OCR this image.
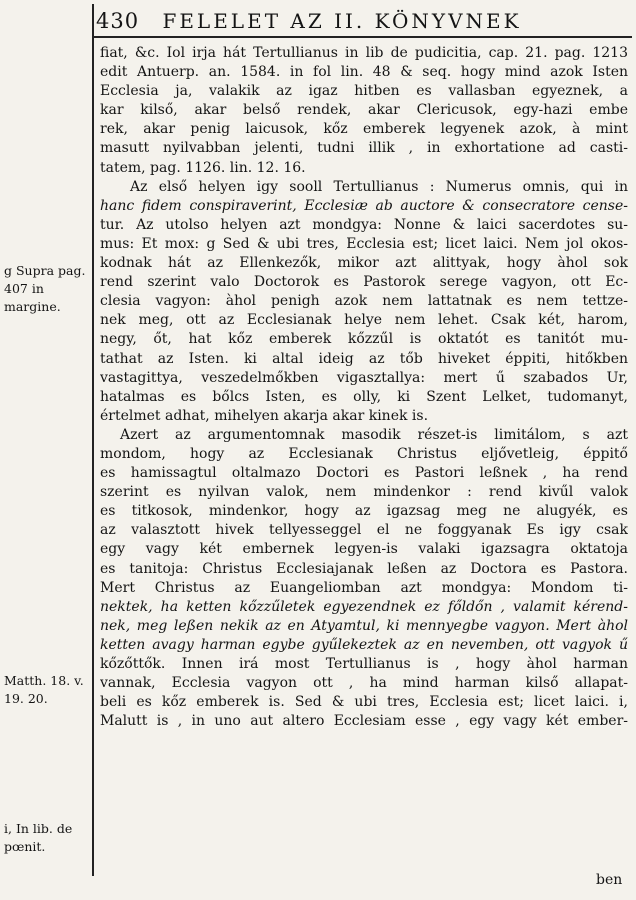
430 FELELET AZ II. KÖNYVNEK
g Supra pag. 407 in margine.
Matth. 18. v. 19. 20.
i, In lib. de pœnit.
fiat, &c. Iol irja hát Tertullianus in lib de pudicitia, cap. 21. pag. 1213
edit Antuerp. an. 1584. in fol lin. 48 & seq. hogy mind azok Isten
Ecclesia ja, valakik az igaz hitben es vallasban egyeznek, a
kar kilső, akar belső rendek, akar Clericusok, egy-hazi embe
rek, akar penig laicusok, kőz emberek legyenek azok, à mint
masutt nyilvabban jelenti, tudni illik , in exhortatione ad casti-
tatem, pag. 1126. lin. 12. 16.
Az első helyen igy sooll Tertullianus : Numerus omnis, qui in
hanc fidem conspiraverint, Ecclesiæ ab auctore & consecratore cense-
tur. Az utolso helyen azt mondgya: Nonne & laici sacerdotes su-
mus: Et mox: g Sed & ubi tres, Ecclesia est; licet laici. Nem jol okos-
kodnak hát az Ellenkezők, mikor azt alittyak, hogy àhol sok
rend szerint valo Doctorok es Pastorok serege vagyon, ott Ec-
clesia vagyon: àhol penigh azok nem lattatnak es nem tettze-
nek meg, ott az Ecclesianak helye nem lehet. Csak két, harom,
negy, őt, hat kőz emberek kőzzűl is oktatót es tanitót mu-
tathat az Isten. ki altal ideig az tőb hiveket éppiti, hitőkben
vastagittya, veszedelmőkben vigasztallya: mert ű szabados Ur,
hatalmas es bőlcs Isten, es olly, ki Szent Lelket, tudomanyt,
értelmet adhat, mihelyen akarja akar kinek is.
Azert az argumentomnak masodik részet-is limitálom, s azt
mondom, hogy az Ecclesianak Christus eljővetleig, éppitő
es hamissagtul oltalmazo Doctori es Pastori leßnek , ha rend
szerint es nyilvan valok, nem mindenkor : rend kivűl valok
es titkosok, mindenkor, hogy az igazsag meg ne alugyék, es
az valasztott hivek tellyesseggel el ne foggyanak Es igy csak
egy vagy két embernek legyen-is valaki igazsagra oktatoja
es tanitoja: Christus Ecclesiajanak leßen az Doctora es Pastora.
Mert Christus az Euangeliomban azt mondgya: Mondom ti-
nektek, ha ketten kőzzűletek egyezendnek ez főldőn , valamit kérend-
nek, meg leßen nekik az en Atyamtul, ki mennyegbe vagyon. Mert àhol
ketten avagy harman egybe gyűlekeztek az en nevemben, ott vagyok ű
kőzőttők. Innen irá most Tertullianus is , hogy àhol harman
vannak, Ecclesia vagyon ott , ha mind harman kilső allapat-
beli es kőz emberek is. Sed & ubi tres, Ecclesia est; licet laici. i,
Malutt is , in uno aut altero Ecclesiam esse , egy vagy két ember-
ben
